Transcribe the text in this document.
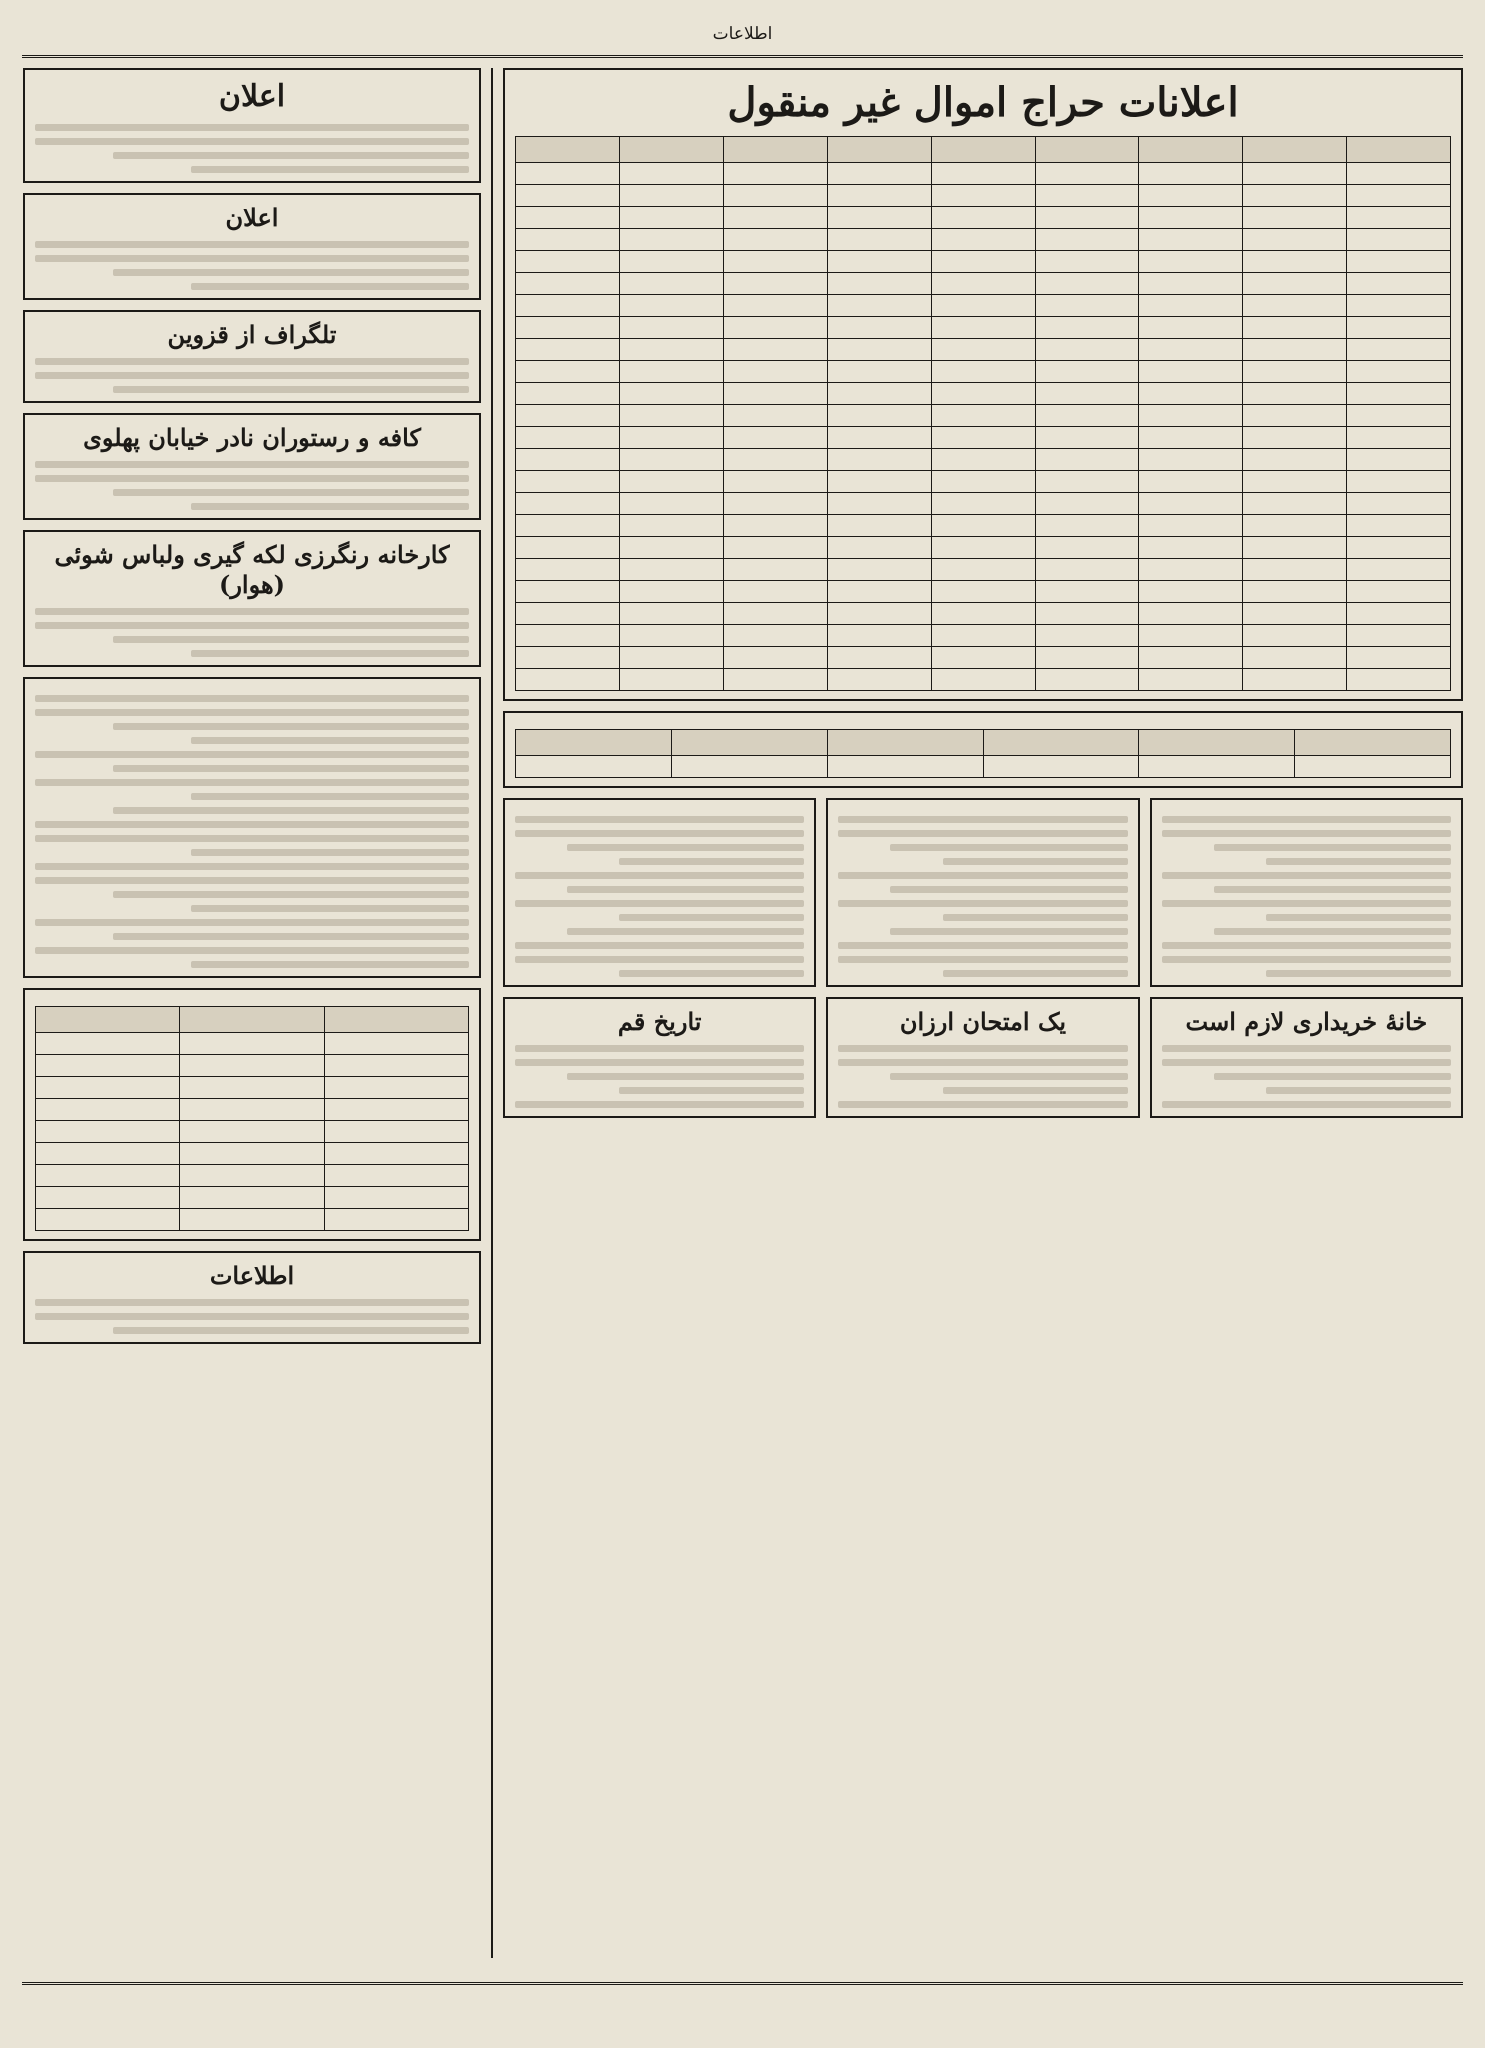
اطلاعات
اعلانات حراج اموال غیر منقول

خانهٔ خریداری لازم است
یک امتحان ارزان
تاریخ قم
اعلان
اعلان
تلگراف از قزوین
کافه و رستوران نادر خیابان پهلوی
کارخانه رنگرزی لکه گیری ولباس شوئی (هوار)

اطلاعات
